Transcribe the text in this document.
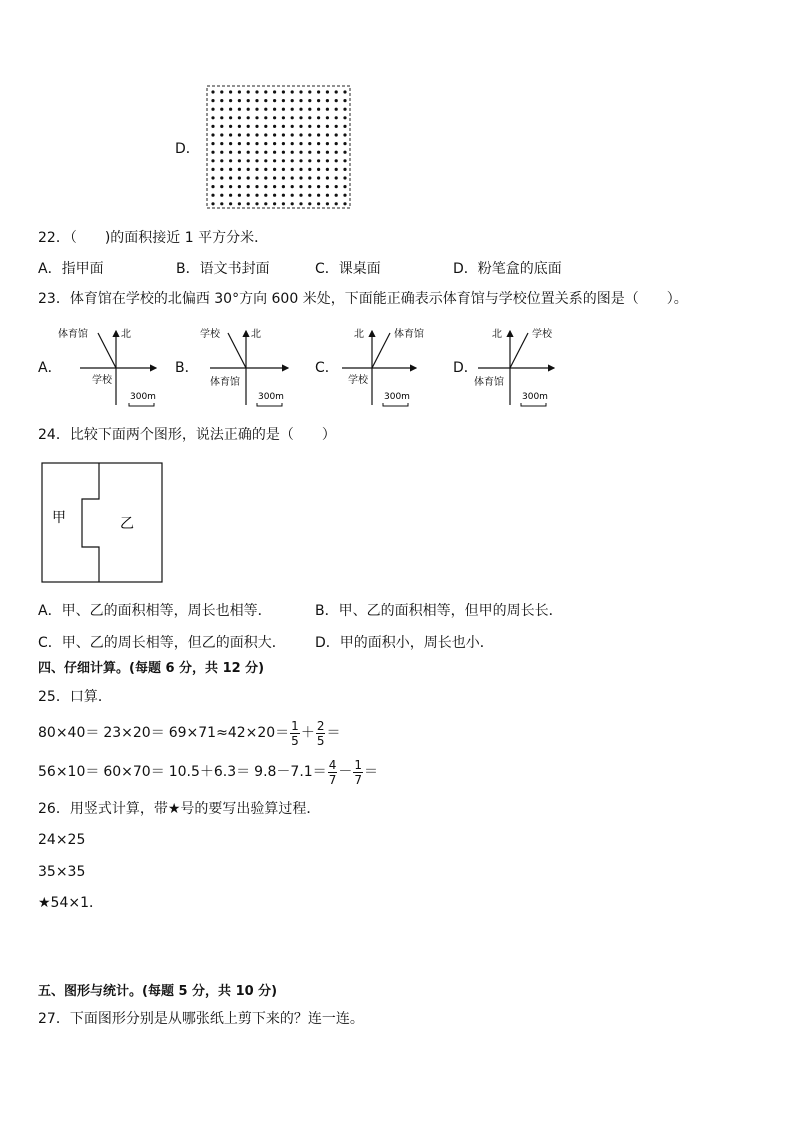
D．
22．（　　)的面积接近 1 平方分米．
A．指甲面	B．语文书封面	C．课桌面	D．粉笔盒的底面
23．体育馆在学校的北偏西 30°方向 600 米处，下面能正确表示体育馆与学校位置关系的图是（　　）。
A．
体育馆	北
学校
300m
B．
学校	北
体育馆
300m
C．
体育馆
北
学校
300m
D．
学校
北
体育馆
300m
24．比较下面两个图形，说法正确的是（　　）
甲	乙
A．甲、乙的面积相等，周长也相等．	B．甲、乙的面积相等，但甲的周长长．
C．甲、乙的周长相等，但乙的面积大． D．甲的面积小，周长也小．
四、仔细计算。(每题 6 分，共 12 分)
25．口算．
$80\times 40= 23\times 20= 69\times 71\approx 42\times 20= \frac{1}{5} + \frac{2}{5}$ ＝
$56\times 10= 60\times 70= 10.5+6.3= 9.8-7.1= \frac{4}{7} - \frac{1}{7}$ ＝
26．用竖式计算，带★号的要写出验算过程．
24×25
35×35
★54×1．
五、图形与统计。(每题 5 分，共 10 分)
27．下面图形分别是从哪张纸上剪下来的？连一连。
